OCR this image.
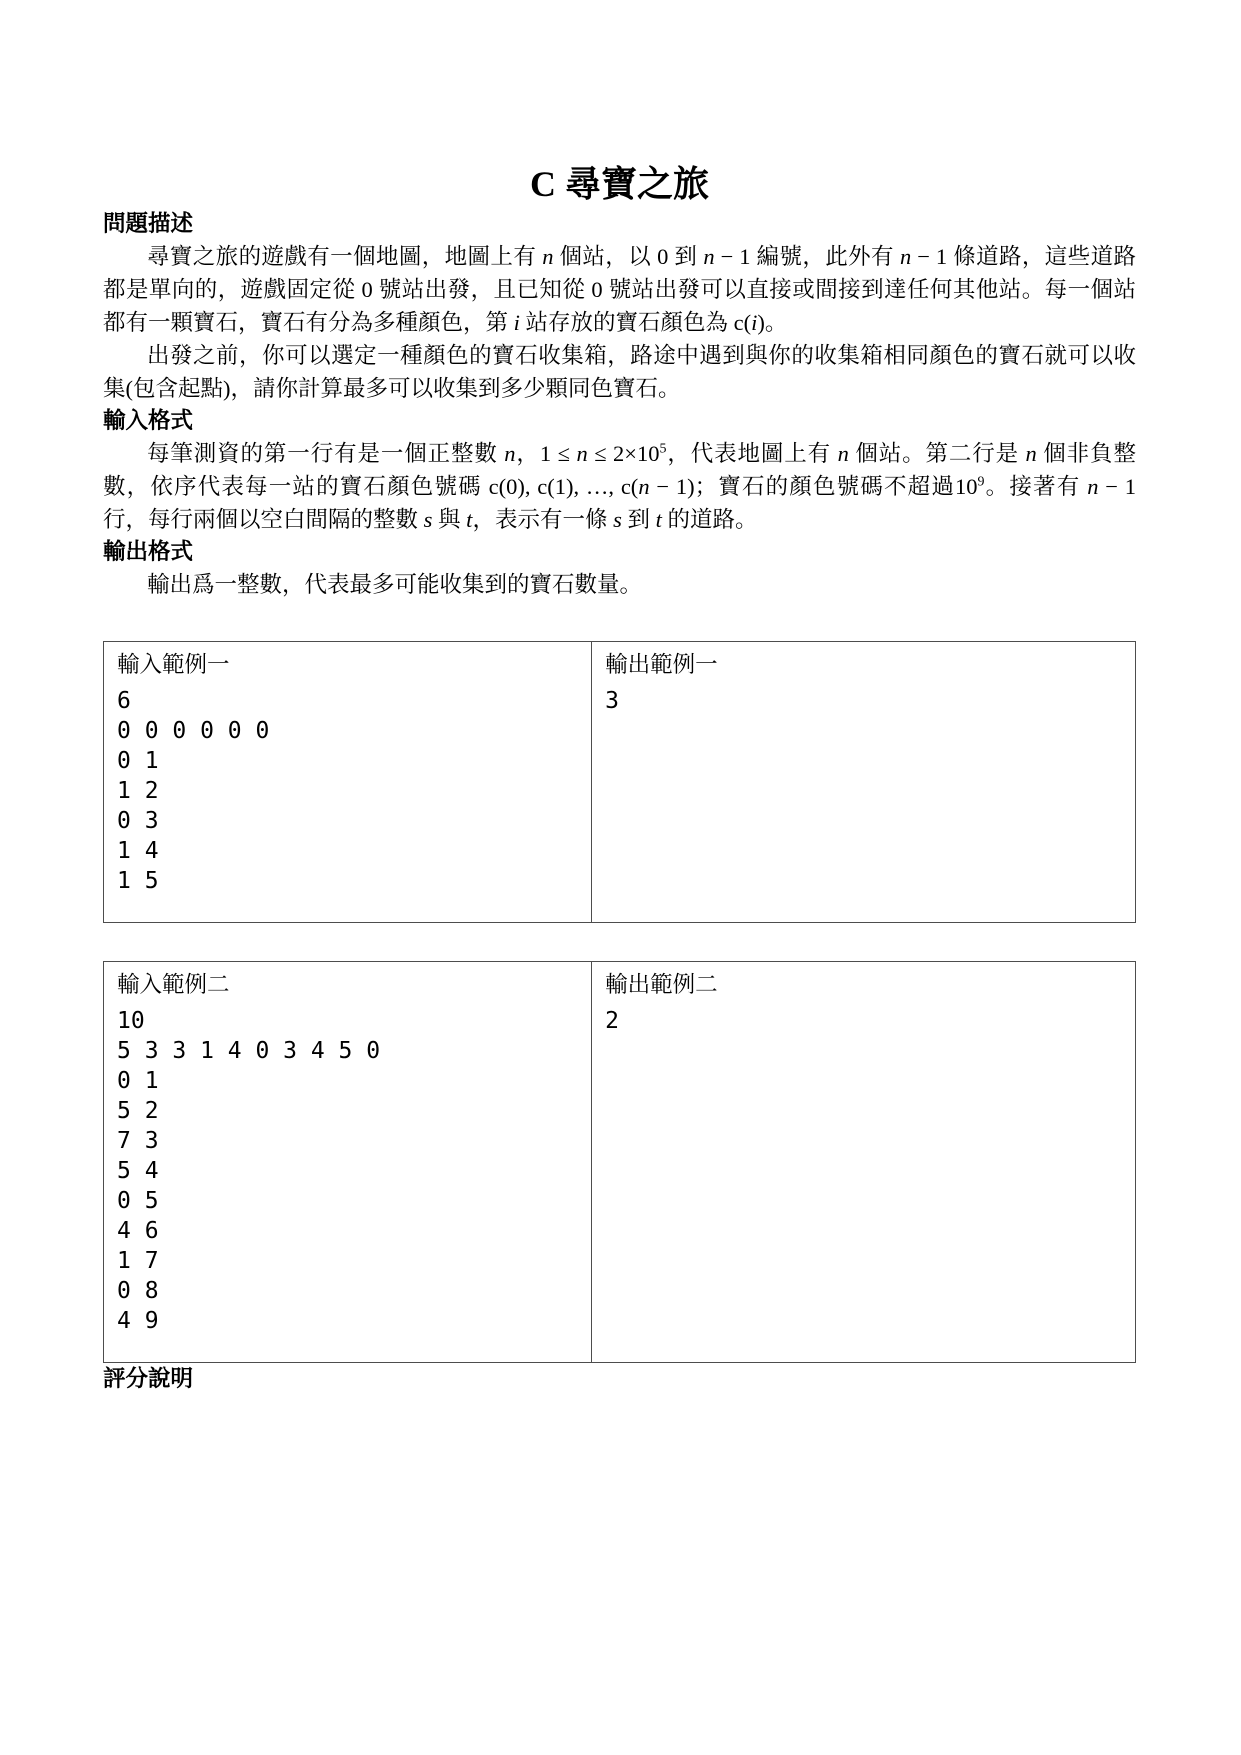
C 尋寶之旅
問題描述

尋寶之旅的遊戲有一個地圖，地圖上有 n 個站，以 0 到 n − 1 編號，此外有 n − 1 條道路，這些道路都是單向的，遊戲固定從 0 號站出發，且已知從 0 號站出發可以直接或間接到達任何其他站。每一個站都有一顆寶石，寶石有分為多種顏色，第 i 站存放的寶石顏色為 c(i)。

出發之前，你可以選定一種顏色的寶石收集箱，路途中遇到與你的收集箱相同顏色的寶石就可以收集(包含起點)，請你計算最多可以收集到多少顆同色寶石。

輸入格式

每筆測資的第一行有是一個正整數 n，$1 \le n \le 2\times 10^5$，代表地圖上有 n 個站。第二行是 n 個非負整數，依序代表每一站的寶石顏色號碼 c(0), c(1), …, c(n − 1)；寶石的顏色號碼不超過$10^9$。接著有 n − 1 行，每行兩個以空白間隔的整數 s 與 t，表示有一條 s 到 t 的道路。

輸出格式

輸出爲一整數，代表最多可能收集到的寶石數量。

輸入範例一
6
0 0 0 0 0 0
0 1
1 2
0 3
1 4
1 5

輸出範例一
3
輸入範例二
10
5 3 3 1 4 0 3 4 5 0
0 1
5 2
7 3
5 4
0 5
4 6
1 7
0 8
4 9

輸出範例二
2
評分說明
